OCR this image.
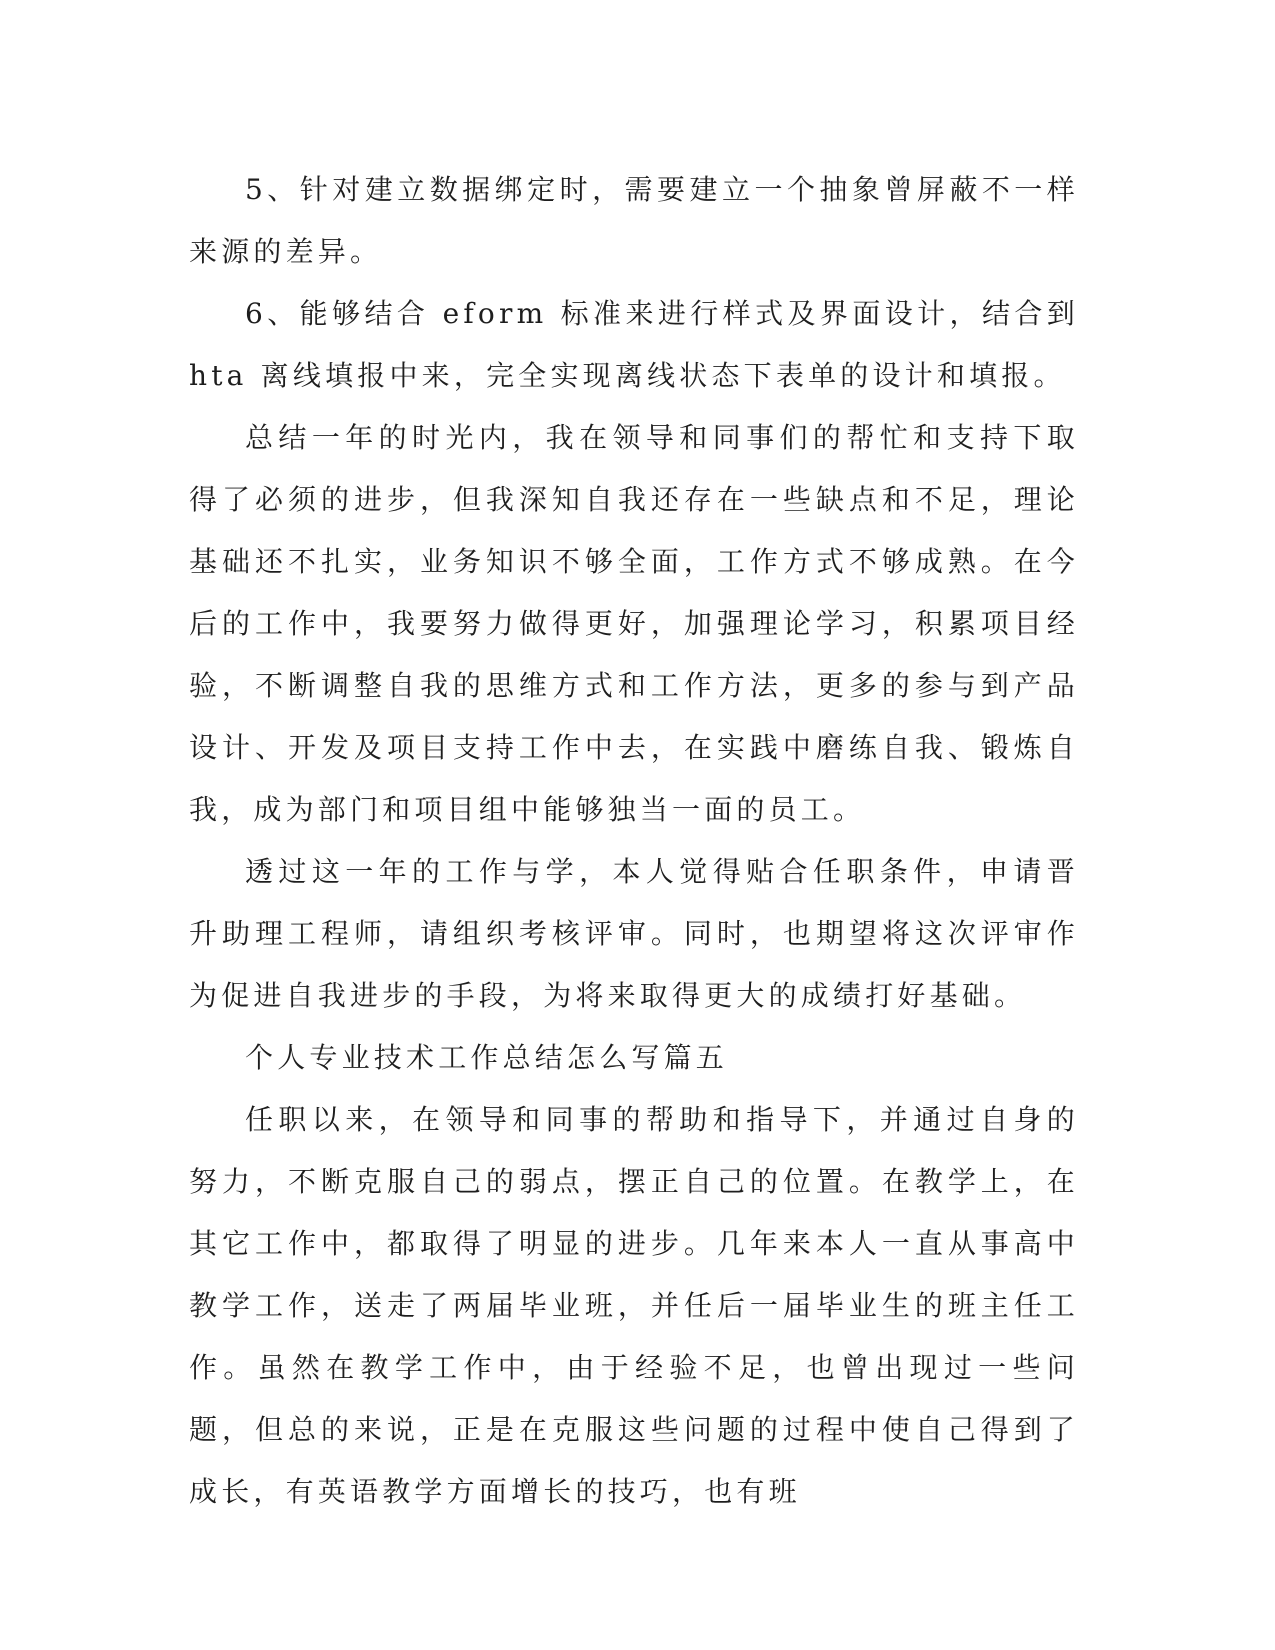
5、针对建立数据绑定时，需要建立一个抽象曾屏蔽不一样来源的差异。

6、能够结合 eform 标准来进行样式及界面设计，结合到 hta 离线填报中来，完全实现离线状态下表单的设计和填报。

总结一年的时光内，我在领导和同事们的帮忙和支持下取得了必须的进步，但我深知自我还存在一些缺点和不足，理论基础还不扎实，业务知识不够全面，工作方式不够成熟。在今后的工作中，我要努力做得更好，加强理论学习，积累项目经验，不断调整自我的思维方式和工作方法，更多的参与到产品设计、开发及项目支持工作中去，在实践中磨练自我、锻炼自我，成为部门和项目组中能够独当一面的员工。

透过这一年的工作与学，本人觉得贴合任职条件，申请晋升助理工程师，请组织考核评审。同时，也期望将这次评审作为促进自我进步的手段，为将来取得更大的成绩打好基础。

个人专业技术工作总结怎么写篇五

任职以来，在领导和同事的帮助和指导下，并通过自身的努力，不断克服自己的弱点，摆正自己的位置。在教学上，在其它工作中，都取得了明显的进步。几年来本人一直从事高中教学工作，送走了两届毕业班，并任后一届毕业生的班主任工作。虽然在教学工作中，由于经验不足，也曾出现过一些问题，但总的来说，正是在克服这些问题的过程中使自己得到了成长，有英语教学方面增长的技巧，也有班
